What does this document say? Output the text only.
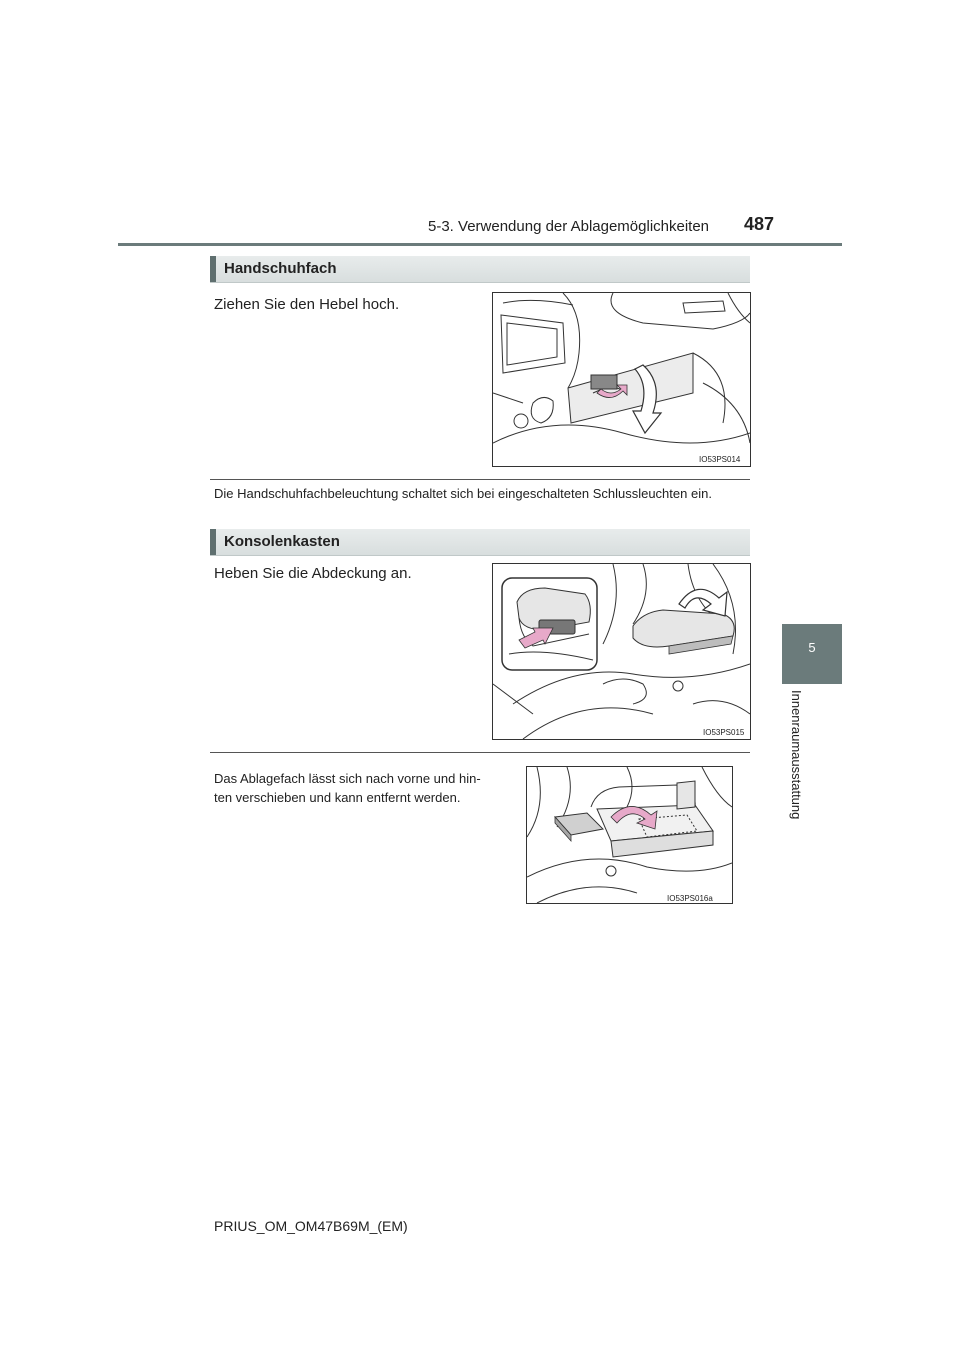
5-3. Verwendung der Ablagemöglichkeiten 487
5
Innenraumausstattung
Handschuhfach
Ziehen Sie den Hebel hoch.
IO53PS014
Die Handschuhfachbeleuchtung schaltet sich bei eingeschalteten Schlussleuchten ein.
Konsolenkasten
Heben Sie die Abdeckung an.
IO53PS015
Das Ablagefach lässt sich nach vorne und hin-
ten verschieben und kann entfernt werden.
IO53PS016a
PRIUS_OM_OM47B69M_(EM)
